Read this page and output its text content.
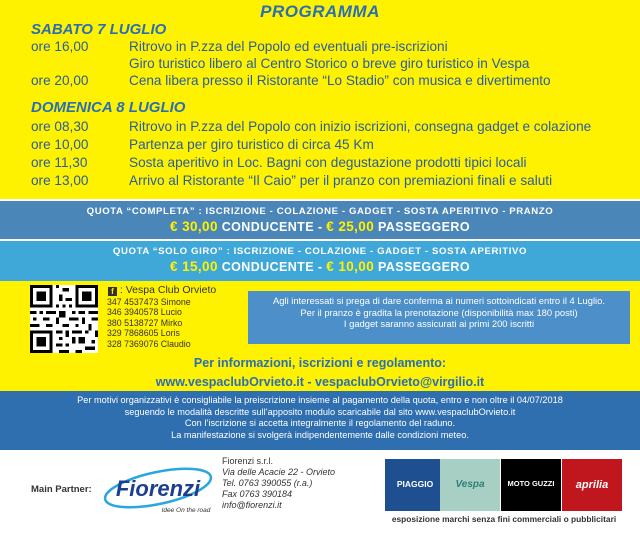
PROGRAMMA
SABATO 7 LUGLIO
ore 16,00	Ritrovo in P.zza del Popolo ed eventuali pre-iscrizioni
Giro turistico libero al Centro Storico o breve giro turistico in Vespa
ore 20,00	Cena libera presso il Ristorante “Lo Stadio” con musica e divertimento
DOMENICA 8 LUGLIO
ore 08,30	Ritrovo in P.zza del Popolo con inizio iscrizioni, consegna gadget e colazione
ore 10,00	Partenza per giro turistico di circa 45 Km
ore 11,30	Sosta aperitivo in Loc. Bagni con degustazione prodotti tipici locali
ore 13,00	Arrivo al Ristorante “Il Caio” per il pranzo con premiazioni finali e saluti
QUOTA “COMPLETA” : ISCRIZIONE - COLAZIONE - GADGET - SOSTA APERITIVO - PRANZO
€ 30,00 CONDUCENTE - € 25,00 PASSEGGERO
QUOTA “SOLO GIRO” : ISCRIZIONE - COLAZIONE - GADGET - SOSTA APERITIVO
€ 15,00 CONDUCENTE - € 10,00 PASSEGGERO
f : Vespa Club Orvieto
347 4537473 Simone
346 3940578 Lucio
380 5138727 Mirko
329 7868605 Loris
328 7369076 Claudio
Agli interessati si prega di dare conferma ai numeri sottoindicati entro il 4 Luglio.
Per il pranzo è gradita la prenotazione (disponibilità max 180 posti)
I gadget saranno assicurati ai primi 200 iscritti
Per informazioni, iscrizioni e regolamento:
www.vespaclubOrvieto.it - vespaclubOrvieto@virgilio.it
Per motivi organizzativi è consigliabile la preiscrizione insieme al pagamento della quota, entro e non oltre il 04/07/2018
seguendo le modalità descritte sull’apposito modulo scaricabile dal sito www.vespaclubOrvieto.it
Con l’iscrizione si accetta integralmente il regolamento del raduno.
La manifestazione si svolgerà indipendentemente dalle condizioni meteo.
Main Partner: Fiorenzi
Idee On the road
Fiorenzi s.r.l.
Via delle Acacie 22 - Orvieto
Tel. 0763 390055 (r.a.)
Fax 0763 390184
info@fiorenzi.it
PIAGGIO	Vespa	MOTO GUZZI	aprilia
esposizione marchi senza fini commerciali o pubblicitari
